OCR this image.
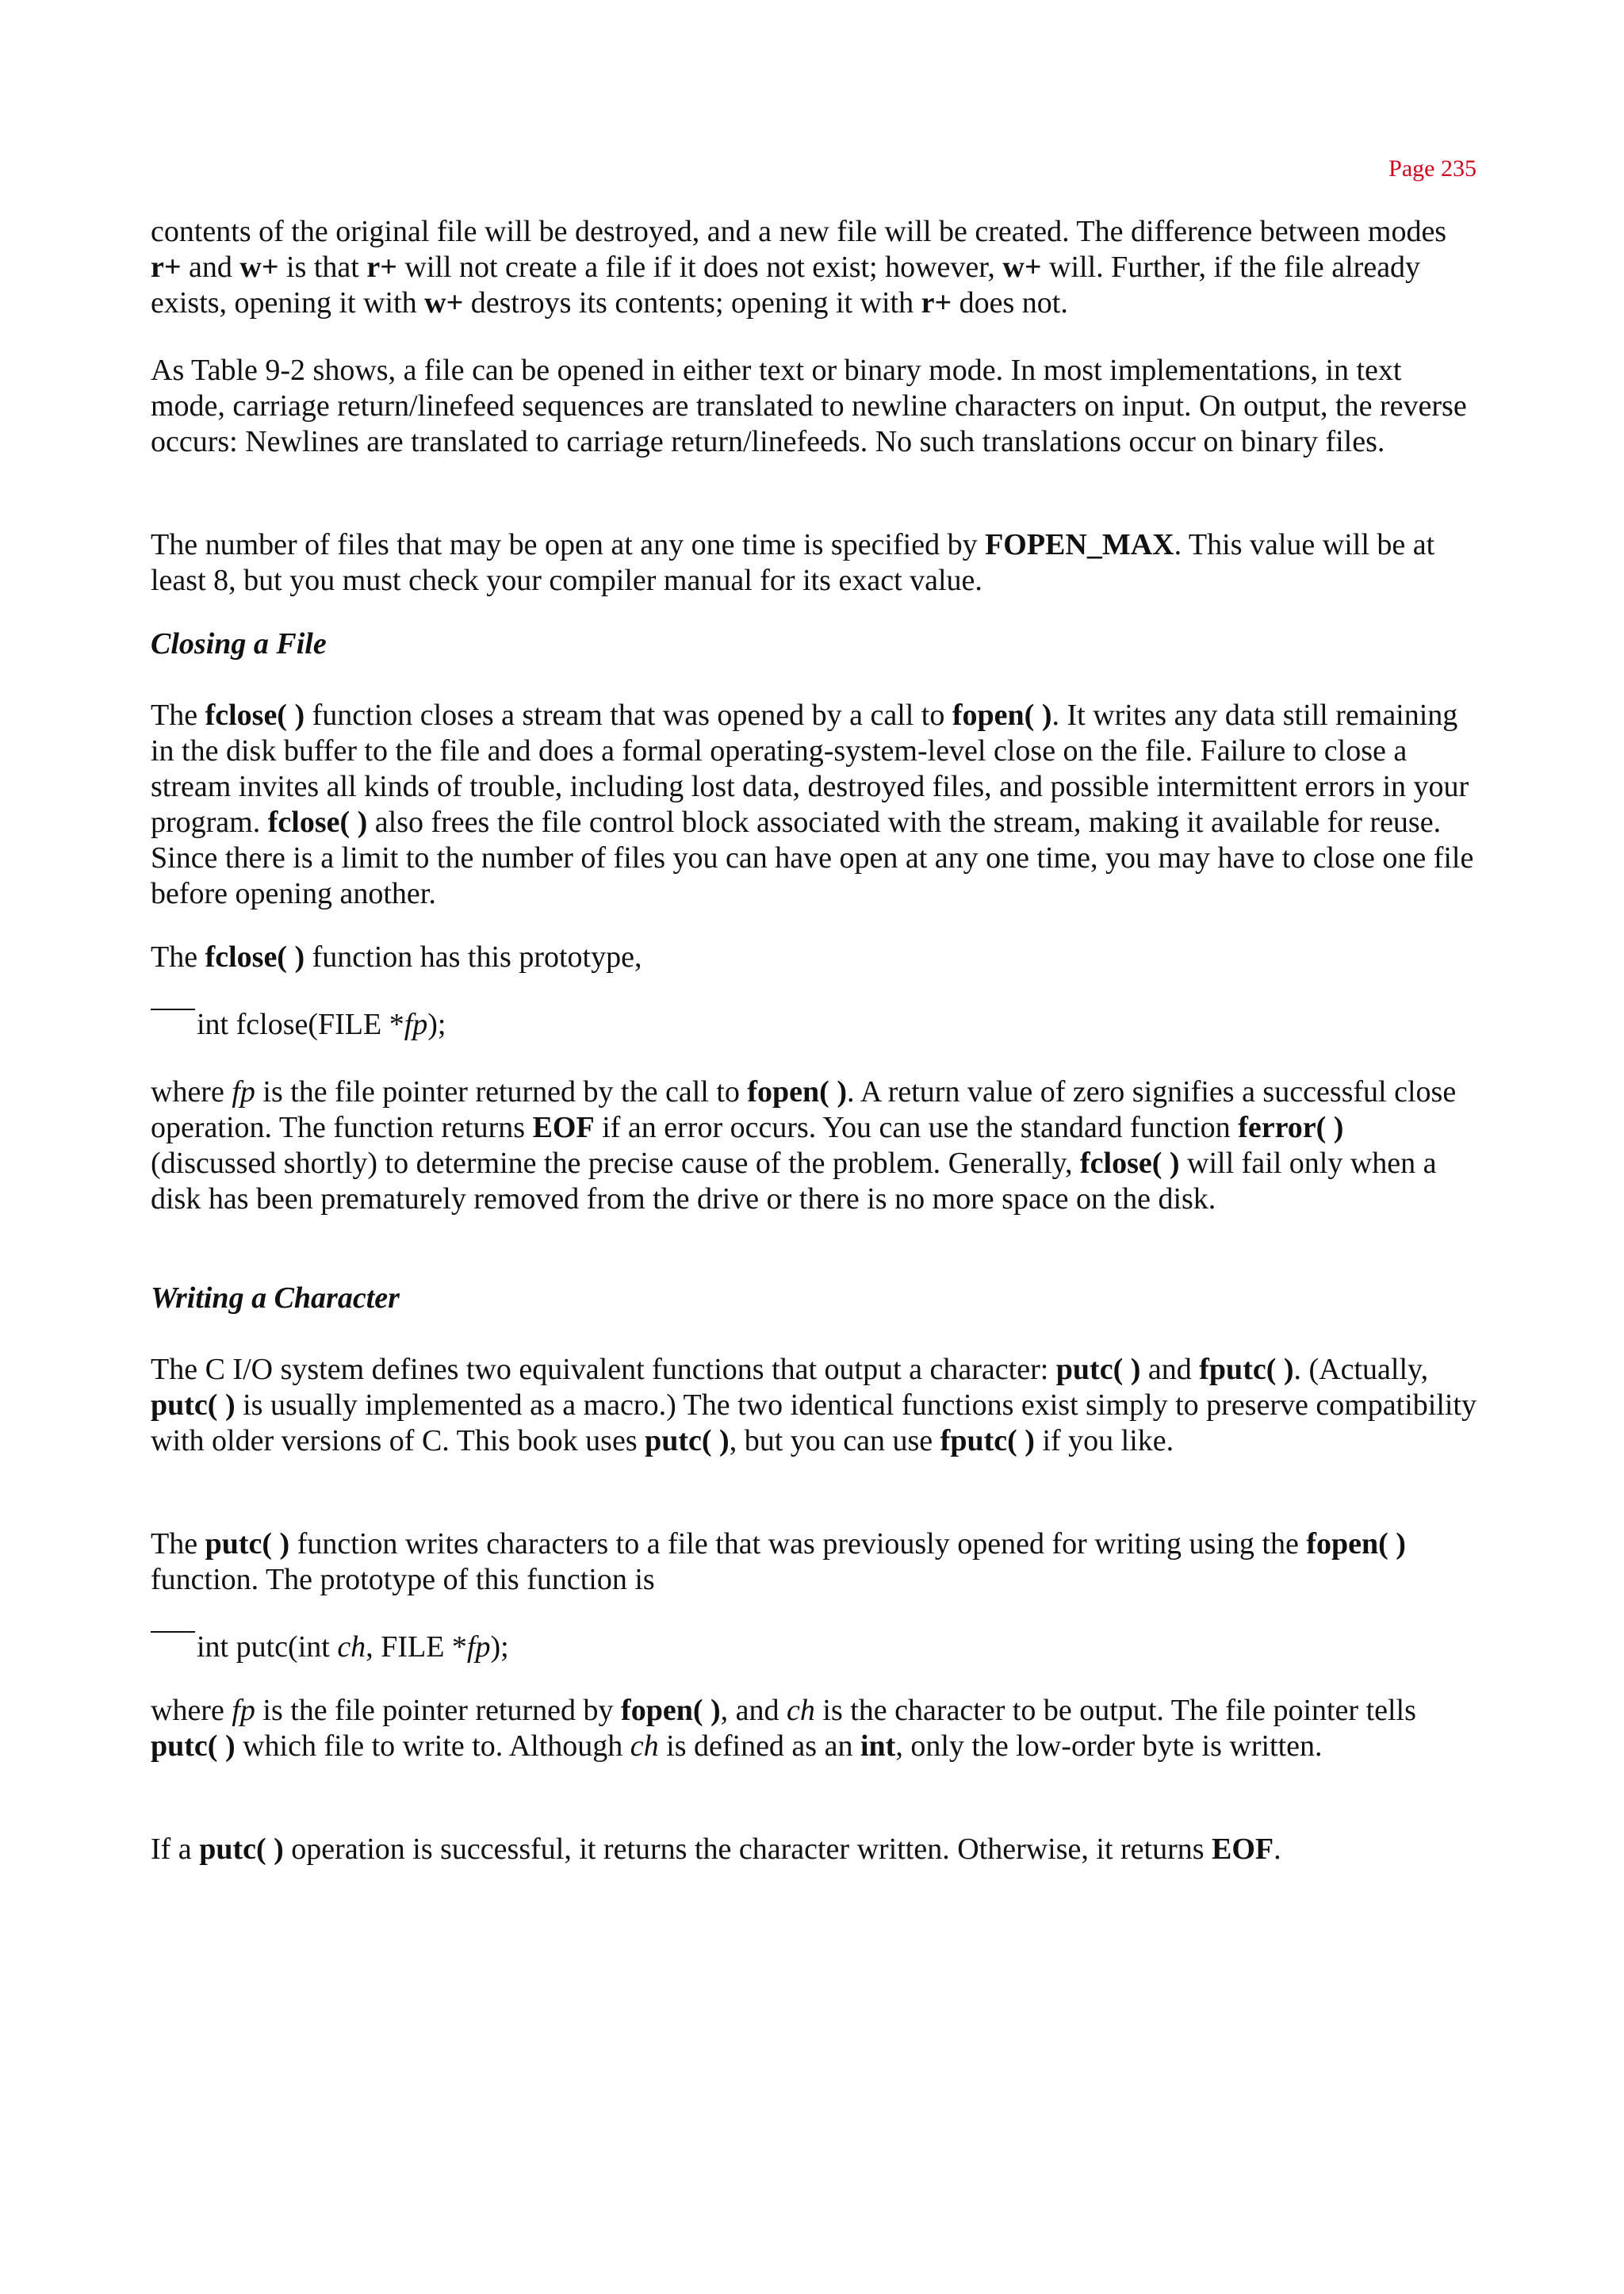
Page 235

contents of the original file will be destroyed, and a new file will be created. The difference between modes r+ and w+ is that r+ will not create a file if it does not exist; however, w+ will. Further, if the file already exists, opening it with w+ destroys its contents; opening it with r+ does not.

As Table 9-2 shows, a file can be opened in either text or binary mode. In most implementations, in text mode, carriage return/linefeed sequences are translated to newline characters on input. On output, the reverse occurs: Newlines are translated to carriage return/linefeeds. No such translations occur on binary files.

The number of files that may be open at any one time is specified by FOPEN_MAX. This value will be at least 8, but you must check your compiler manual for its exact value.

Closing a File

The fclose( ) function closes a stream that was opened by a call to fopen( ). It writes any data still remaining in the disk buffer to the file and does a formal operating-system-level close on the file. Failure to close a stream invites all kinds of trouble, including lost data, destroyed files, and possible intermittent errors in your program. fclose( ) also frees the file control block associated with the stream, making it available for reuse. Since there is a limit to the number of files you can have open at any one time, you may have to close one file before opening another.

The fclose( ) function has this prototype,

int fclose(FILE *fp);

where fp is the file pointer returned by the call to fopen( ). A return value of zero signifies a successful close operation. The function returns EOF if an error occurs. You can use the standard function ferror( ) (discussed shortly) to determine the precise cause of the problem. Generally, fclose( ) will fail only when a disk has been prematurely removed from the drive or there is no more space on the disk.

Writing a Character

The C I/O system defines two equivalent functions that output a character: putc( ) and fputc( ). (Actually, putc( ) is usually implemented as a macro.) The two identical functions exist simply to preserve compatibility with older versions of C. This book uses putc( ), but you can use fputc( ) if you like.

The putc( ) function writes characters to a file that was previously opened for writing using the fopen( ) function. The prototype of this function is

int putc(int ch, FILE *fp);

where fp is the file pointer returned by fopen( ), and ch is the character to be output. The file pointer tells putc( ) which file to write to. Although ch is defined as an int, only the low-order byte is written.

If a putc( ) operation is successful, it returns the character written. Otherwise, it returns EOF.
